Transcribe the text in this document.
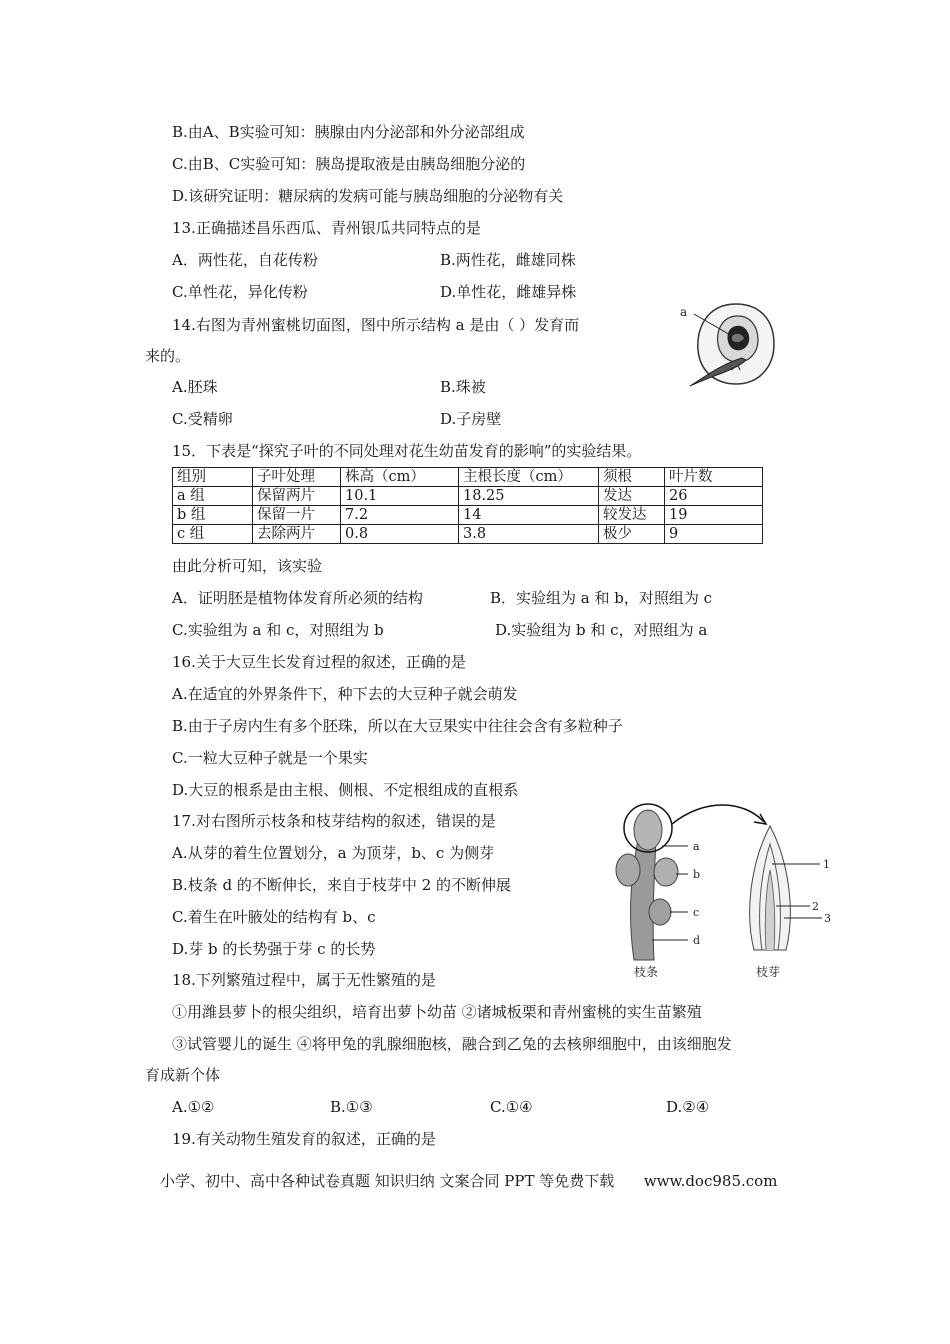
B.由A、B实验可知：胰腺由内分泌部和外分泌部组成
C.由B、C实验可知：胰岛提取液是由胰岛细胞分泌的
D.该研究证明：糖尿病的发病可能与胰岛细胞的分泌物有关
13.正确描述昌乐西瓜、青州银瓜共同特点的是
A．两性花，自花传粉	B.两性花，雌雄同株
C.单性花，异化传粉	D.单性花，雌雄异株
14.右图为青州蜜桃切面图，图中所示结构 a 是由（ ）发育而
来的。
A.胚珠	B.珠被
C.受精卵	D.子房壁
a
15．下表是“探究子叶的不同处理对花生幼苗发育的影响”的实验结果。
组别	子叶处理	株高（cm）	主根长度（cm）	须根	叶片数
a 组	保留两片	10.1	18.25	发达	26
b 组	保留一片	7.2	14	较发达	19
c 组	去除两片	0.8	3.8	极少	9
由此分析可知，该实验
A．证明胚是植物体发育所必须的结构	B．实验组为 a 和 b，对照组为 c
C.实验组为 a 和 c，对照组为 b	D.实验组为 b 和 c，对照组为 a
16.关于大豆生长发育过程的叙述，正确的是
A.在适宜的外界条件下，种下去的大豆种子就会萌发
B.由于子房内生有多个胚珠，所以在大豆果实中往往会含有多粒种子
C.一粒大豆种子就是一个果实
D.大豆的根系是由主根、侧根、不定根组成的直根系
17.对右图所示枝条和枝芽结构的叙述，错误的是
A.从芽的着生位置划分，a 为顶芽，b、c 为侧芽
B.枝条 d 的不断伸长，来自于枝芽中 2 的不断伸展
C.着生在叶腋处的结构有 b、c
D.芽 b 的长势强于芽 c 的长势
a
b
c
d
1
2
3
枝条	枝芽
18.下列繁殖过程中，属于无性繁殖的是
①用潍县萝卜的根尖组织，培育出萝卜幼苗 ②诸城板栗和青州蜜桃的实生苗繁殖
③试管婴儿的诞生 ④将甲兔的乳腺细胞核，融合到乙兔的去核卵细胞中，由该细胞发
育成新个体
A.①②	B.①③	C.①④	D.②④
19.有关动物生殖发育的叙述，正确的是
小学、初中、高中各种试卷真题 知识归纳 文案合同 PPT 等免费下载 www.doc985.com
